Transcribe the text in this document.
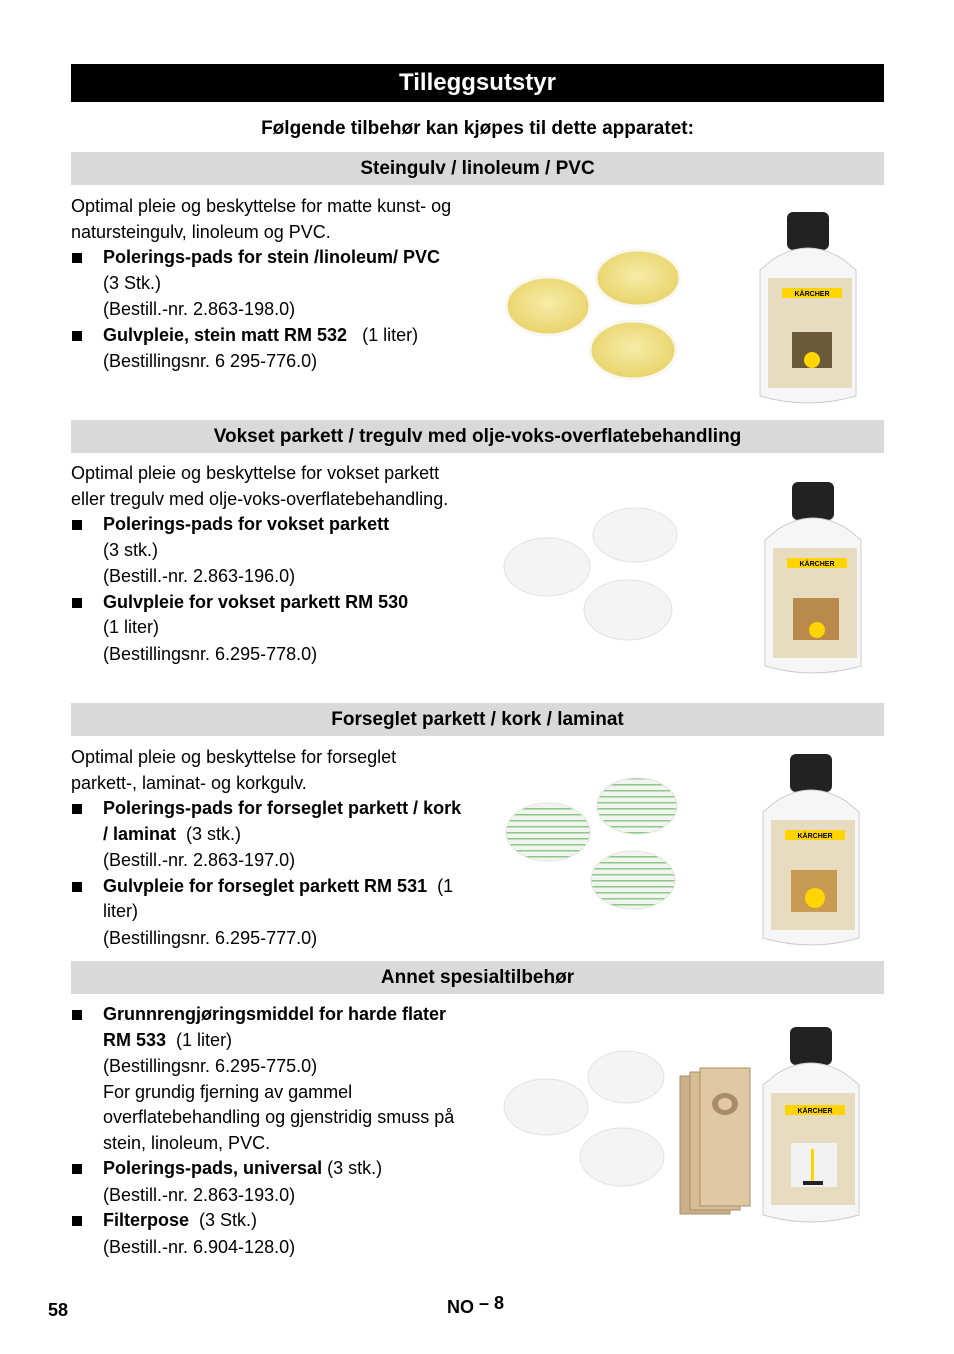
Tilleggsutstyr
Følgende tilbehør kan kjøpes til dette apparatet:
Steingulv / linoleum / PVC

Optimal pleie og beskyttelse for matte kunst- og natursteingulv, linoleum og PVC.

Polerings-pads for stein /linoleum/ PVC  (3 Stk.)
(Bestill.-nr. 2.863-198.0)
Gulvpleie, stein matt RM 532 (1 liter)
(Bestillingsnr. 6 295-776.0)
KÄRCHER
Vokset parkett / tregulv med olje-voks-overflatebehandling

Optimal pleie og beskyttelse for vokset parkett eller tregulv med olje-voks-overflatebehandling.

Polerings-pads for vokset parkett
(3 stk.)
(Bestill.-nr. 2.863-196.0)
Gulvpleie for vokset parkett RM 530
(1 liter)
(Bestillingsnr. 6.295-778.0)
KÄRCHER
Forseglet parkett / kork / laminat

Optimal pleie og beskyttelse for forseglet parkett-, laminat- og korkgulv.

Polerings-pads for forseglet parkett / kork / laminat (3 stk.)
(Bestill.-nr. 2.863-197.0)
Gulvpleie for forseglet parkett RM 531 (1 liter)
(Bestillingsnr. 6.295-777.0)
KÄRCHER
Annet spesialtilbehør
Grunnrengjøringsmiddel for harde flater RM 533 (1 liter)
(Bestillingsnr. 6.295-775.0)
For grundig fjerning av gammel overflatebehandling og gjenstridig smuss på stein, linoleum, PVC.
Polerings-pads, universal (3 stk.)
(Bestill.-nr. 2.863-193.0)
Filterpose (3 Stk.)
(Bestill.-nr. 6.904-128.0)
KÄRCHER
58	NO – 8
